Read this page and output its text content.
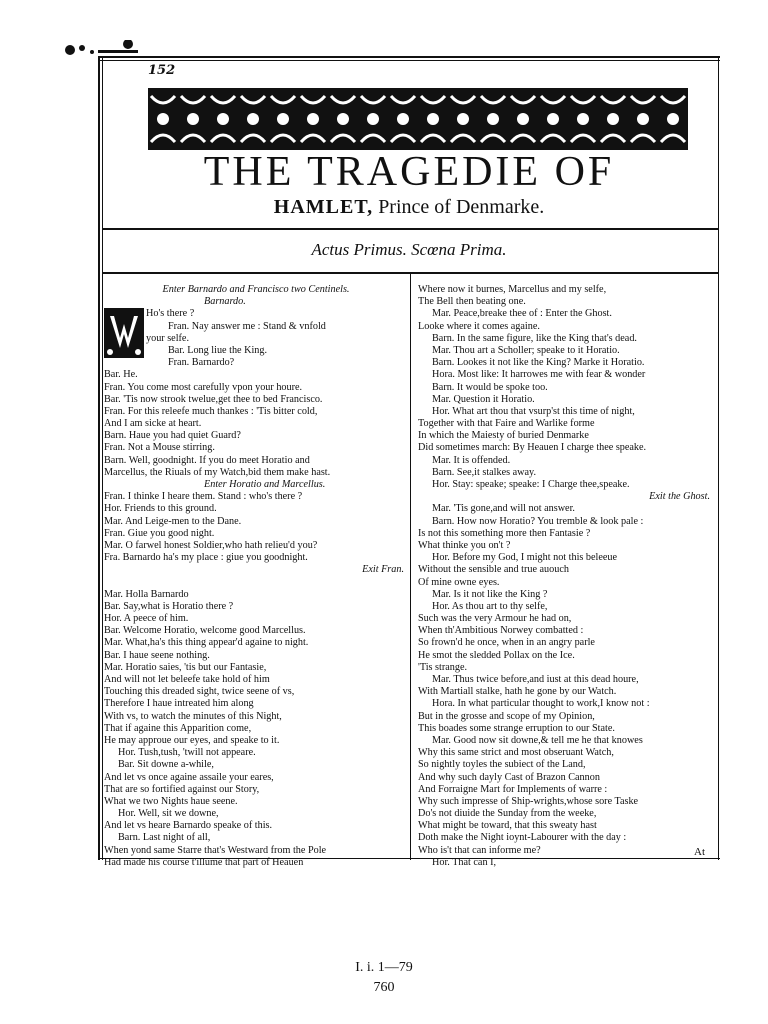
152
THE TRAGEDIE OF
HAMLET, Prince of Denmarke.
Actus Primus. Scœna Prima.
Enter Barnardo and Francisco two Centinels.
Barnardo.
Ho's there ?
Fran. Nay answer me : Stand & vnfold
your selfe.
Bar. Long liue the King.
Fran. Barnardo?
Bar. He.
Fran. You come most carefully vpon your houre.
Bar. 'Tis now strook twelue,get thee to bed Francisco.
Fran. For this releefe much thankes : 'Tis bitter cold,
And I am sicke at heart.
Barn. Haue you had quiet Guard?
Fran. Not a Mouse stirring.
Barn. Well, goodnight. If you do meet Horatio and
Marcellus, the Riuals of my Watch,bid them make hast.
Enter Horatio and Marcellus.
Fran. I thinke I heare them. Stand : who's there ?
Hor. Friends to this ground.
Mar. And Leige-men to the Dane.
Fran. Giue you good night.
Mar. O farwel honest Soldier,who hath relieu'd you?
Fra. Barnardo ha's my place : giue you goodnight.
Exit Fran.
Mar. Holla Barnardo
Bar. Say,what is Horatio there ?
Hor. A peece of him.
Bar. Welcome Horatio, welcome good Marcellus.
Mar. What,ha's this thing appear'd againe to night.
Bar. I haue seene nothing.
Mar. Horatio saies, 'tis but our Fantasie,
And will not let beleefe take hold of him
Touching this dreaded sight, twice seene of vs,
Therefore I haue intreated him along
With vs, to watch the minutes of this Night,
That if againe this Apparition come,
He may approue our eyes, and speake to it.
Hor. Tush,tush, 'twill not appeare.
Bar. Sit downe a-while,
And let vs once againe assaile your eares,
That are so fortified against our Story,
What we two Nights haue seene.
Hor. Well, sit we downe,
And let vs heare Barnardo speake of this.
Barn. Last night of all,
When yond same Starre that's Westward from the Pole
Had made his course t'illume that part of Heauen
Where now it burnes, Marcellus and my selfe,
The Bell then beating one.
Mar. Peace,breake thee of : Enter the Ghost.
Looke where it comes againe.
Barn. In the same figure, like the King that's dead.
Mar. Thou art a Scholler; speake to it Horatio.
Barn. Lookes it not like the King? Marke it Horatio.
Hora. Most like: It harrowes me with fear & wonder
Barn. It would be spoke too.
Mar. Question it Horatio.
Hor. What art thou that vsurp'st this time of night,
Together with that Faire and Warlike forme
In which the Maiesty of buried Denmarke
Did sometimes march: By Heauen I charge thee speake.
Mar. It is offended.
Barn. See,it stalkes away.
Hor. Stay: speake; speake: I Charge thee,speake.
Exit the Ghost.
Mar. 'Tis gone,and will not answer.
Barn. How now Horatio? You tremble & look pale :
Is not this something more then Fantasie ?
What thinke you on't ?
Hor. Before my God, I might not this beleeue
Without the sensible and true auouch
Of mine owne eyes.
Mar. Is it not like the King ?
Hor. As thou art to thy selfe,
Such was the very Armour he had on,
When th'Ambitious Norwey combatted :
So frown'd he once, when in an angry parle
He smot the sledded Pollax on the Ice.
'Tis strange.
Mar. Thus twice before,and iust at this dead houre,
With Martiall stalke, hath he gone by our Watch.
Hora. In what particular thought to work,I know not :
But in the grosse and scope of my Opinion,
This boades some strange erruption to our State.
Mar. Good now sit downe,& tell me he that knowes
Why this same strict and most obseruant Watch,
So nightly toyles the subiect of the Land,
And why such dayly Cast of Brazon Cannon
And Forraigne Mart for Implements of warre :
Why such impresse of Ship-wrights,whose sore Taske
Do's not diuide the Sunday from the weeke,
What might be toward, that this sweaty hast
Doth make the Night ioynt-Labourer with the day :
Who is't that can informe me?
Hor. That can I,
At
I. i. 1—79
760
